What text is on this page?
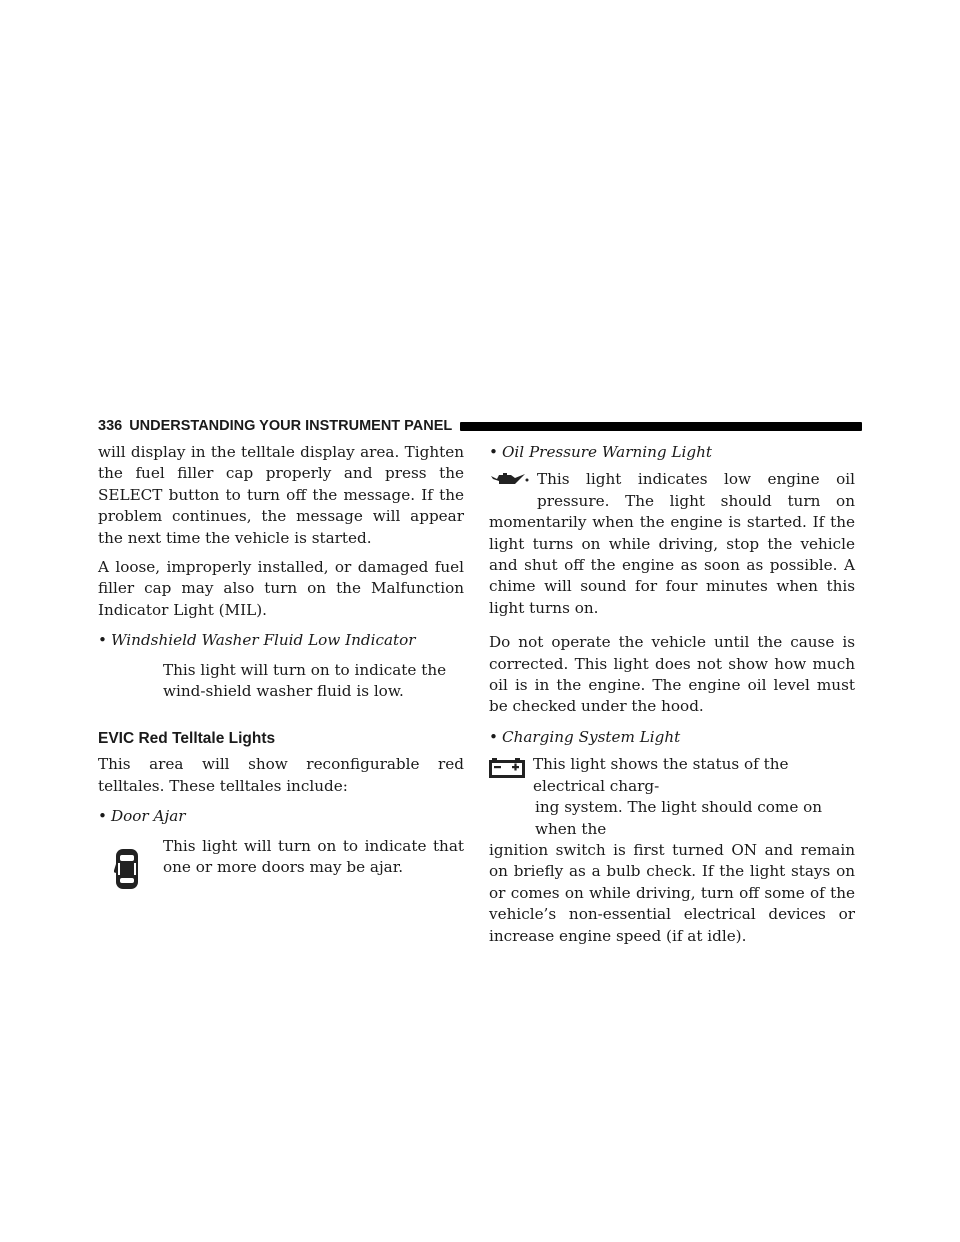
336 UNDERSTANDING YOUR INSTRUMENT PANEL

will display in the telltale display area. Tighten the fuel filler cap properly and press the SELECT button to turn off the message. If the problem continues, the message will appear the next time the vehicle is started.

A loose, improperly installed, or damaged fuel filler cap may also turn on the Malfunction Indicator Light (MIL).

• Windshield Washer Fluid Low Indicator

This light will turn on to indicate the wind-shield washer fluid is low.

EVIC Red Telltale Lights

This area will show reconfigurable red telltales. These telltales include:

• Door Ajar

This light will turn on to indicate that one or more doors may be ajar.

• Oil Pressure Warning Light

This light indicates low engine oil pressure. The light should turn on momentarily when the engine is started. If the light turns on while driving, stop the vehicle and shut off the engine as soon as possible. A chime will sound for four minutes when this light turns on.

Do not operate the vehicle until the cause is corrected. This light does not show how much oil is in the engine. The engine oil level must be checked under the hood.

• Charging System Light

This light shows the status of the electrical charg-

ing system. The light should come on when the

ignition switch is first turned ON and remain on briefly as a bulb check. If the light stays on or comes on while driving, turn off some of the vehicle’s non-essential electrical devices or increase engine speed (if at idle).
